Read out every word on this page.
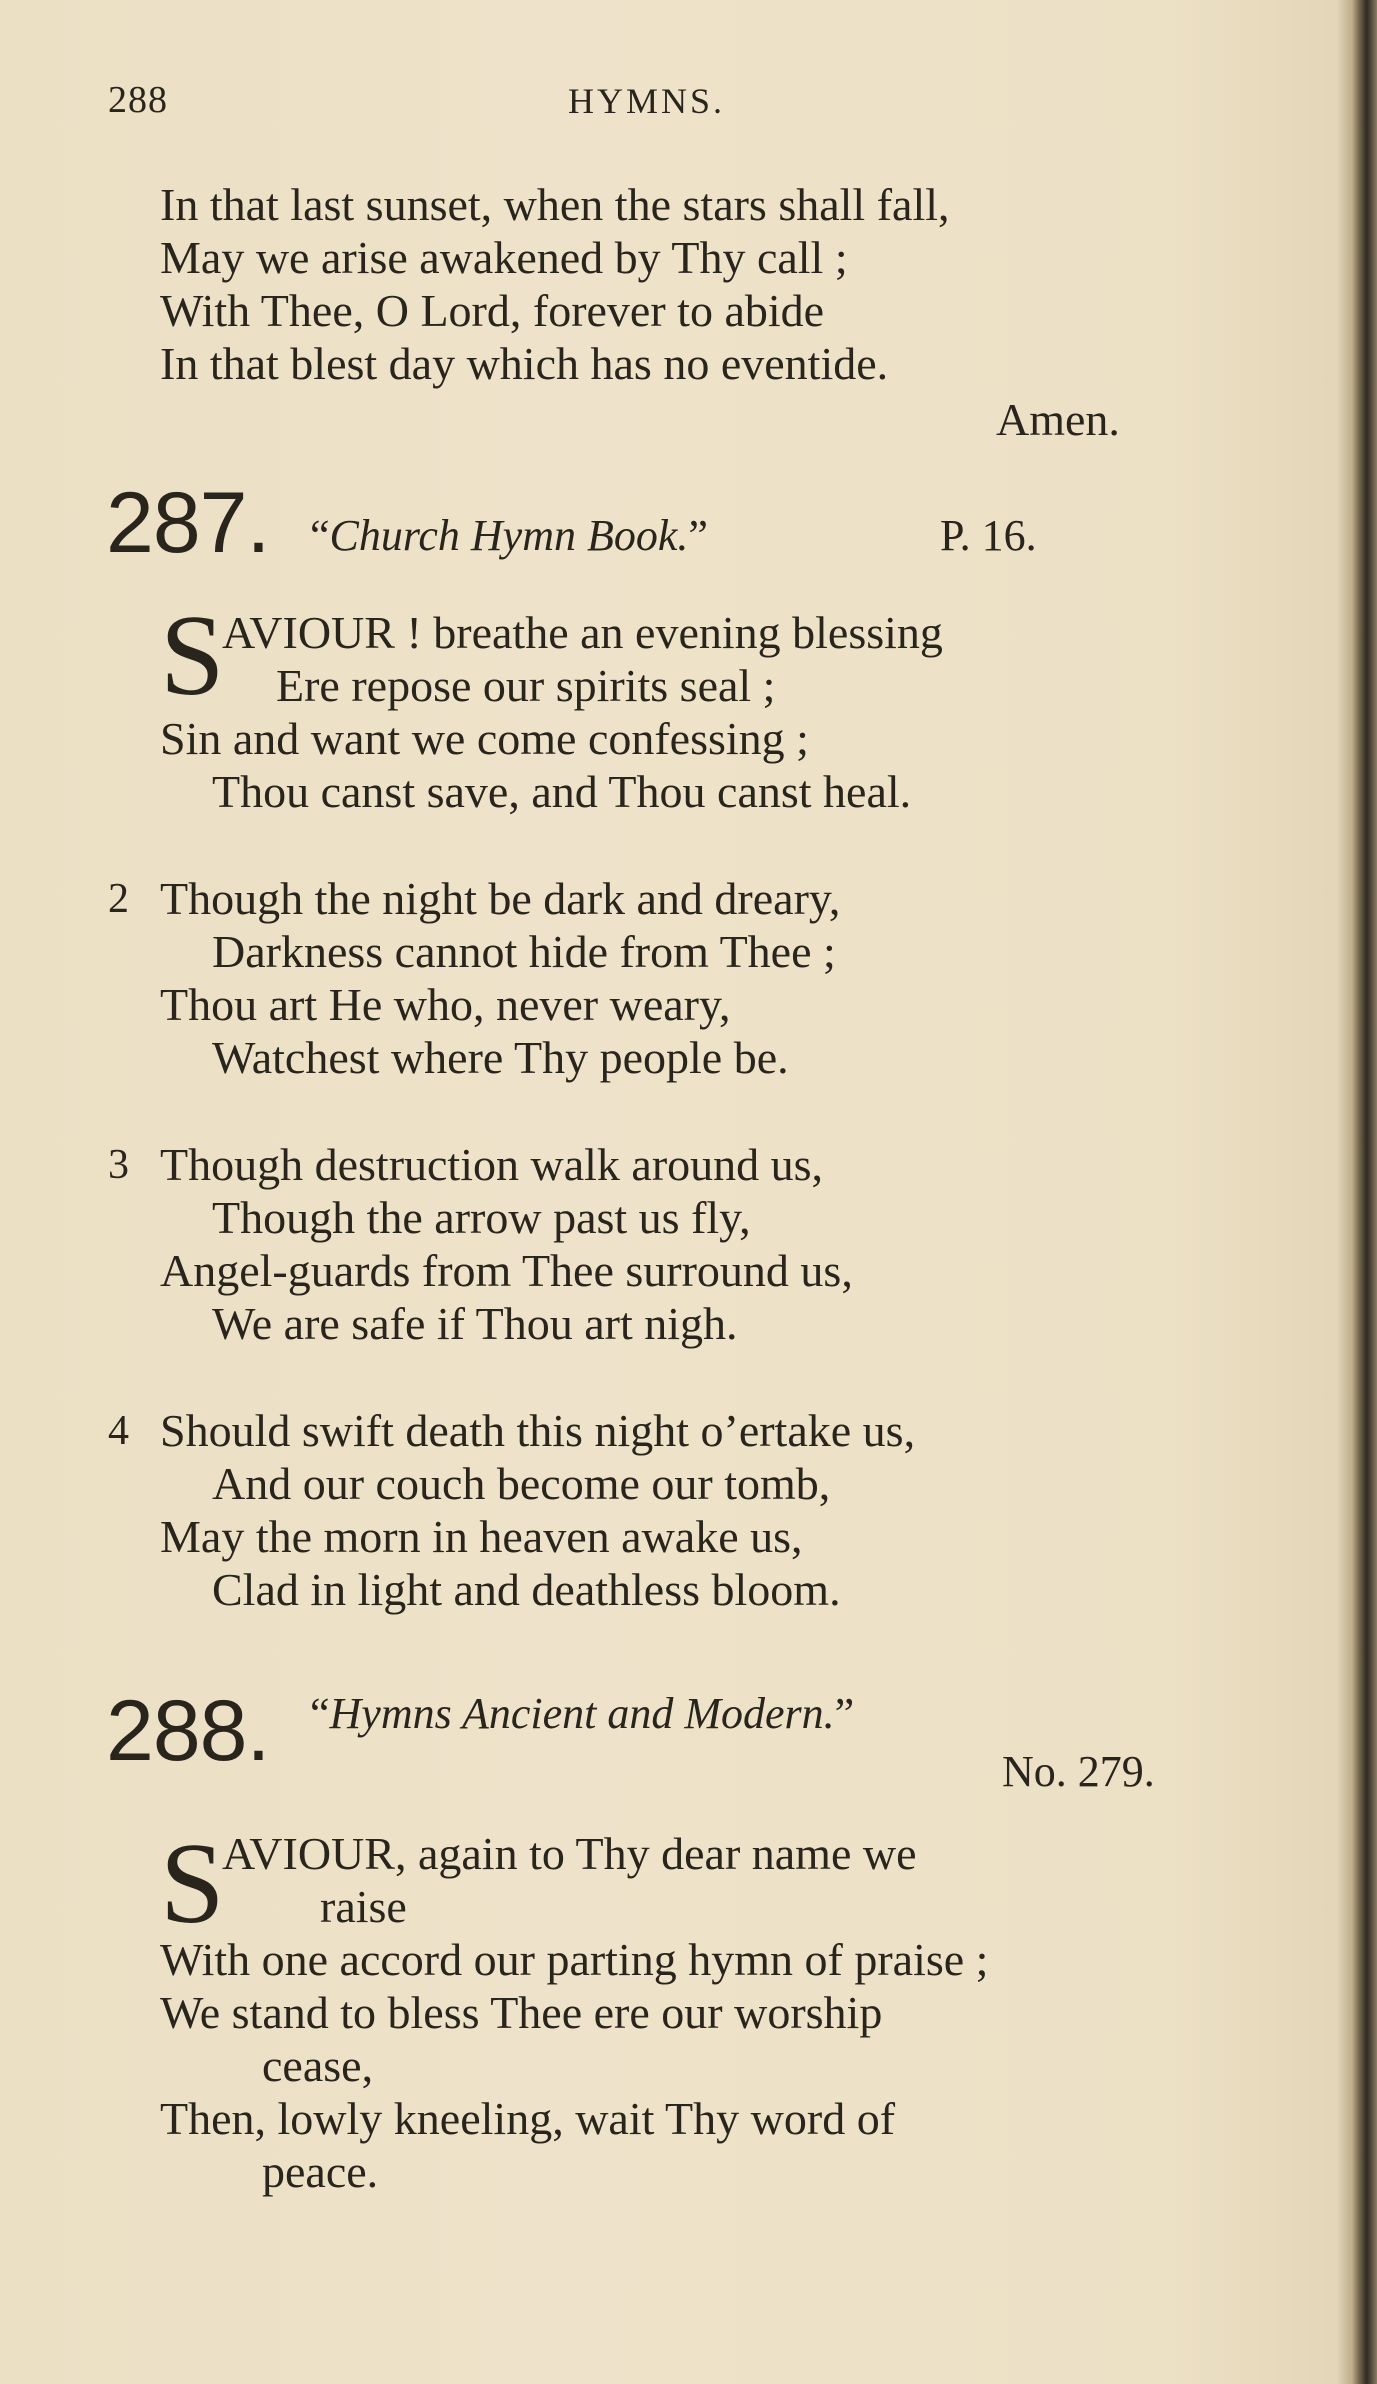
288	HYMNS.
In that last sunset, when the stars shall fall,
May we arise awakened by Thy call ;
With Thee, O Lord, forever to abide
In that blest day which has no eventide.
Amen.
287. “Church Hymn Book.”	P. 16.
S
AVIOUR ! breathe an evening blessing
Ere repose our spirits seal ;
Sin and want we come confessing ;
Thou canst save, and Thou canst heal.
2 Though the night be dark and dreary,
Darkness cannot hide from Thee ;
Thou art He who, never weary,
Watchest where Thy people be.
3 Though destruction walk around us,
Though the arrow past us fly,
Angel-guards from Thee surround us,
We are safe if Thou art nigh.
4 Should swift death this night o’ertake us,
And our couch become our tomb,
May the morn in heaven awake us,
Clad in light and deathless bloom.
288. “Hymns Ancient and Modern.”
No. 279.
S
AVIOUR, again to Thy dear name we
raise
With one accord our parting hymn of praise ;
We stand to bless Thee ere our worship
cease,
Then, lowly kneeling, wait Thy word of
peace.
